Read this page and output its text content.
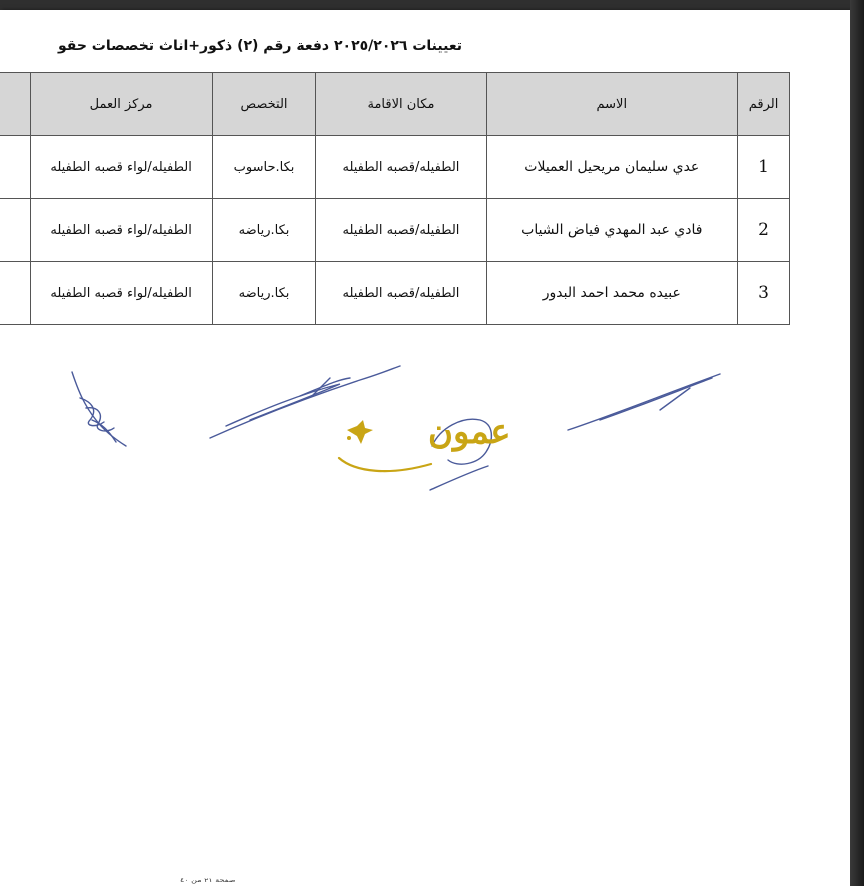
تعيينات ٢٠٢٥/٢٠٢٦ دفعة رقم (٢) ذكور+اناث تخصصات حقو
الرقم	الاسم	مكان الاقامة	التخصص	مركز العمل	
1	عدي سليمان مريحيل العميلات	الطفيله/قصبه الطفيله	بكا.حاسوب	الطفيله/لواء قصبه الطفيله	
2	فادي عبد المهدي فياض الشياب	الطفيله/قصبه الطفيله	بكا.رياضه	الطفيله/لواء قصبه الطفيله	
3	عبيده محمد احمد البدور	الطفيله/قصبه الطفيله	بكا.رياضه	الطفيله/لواء قصبه الطفيله	
عمون
صفحة ٢١ من ٤٠
